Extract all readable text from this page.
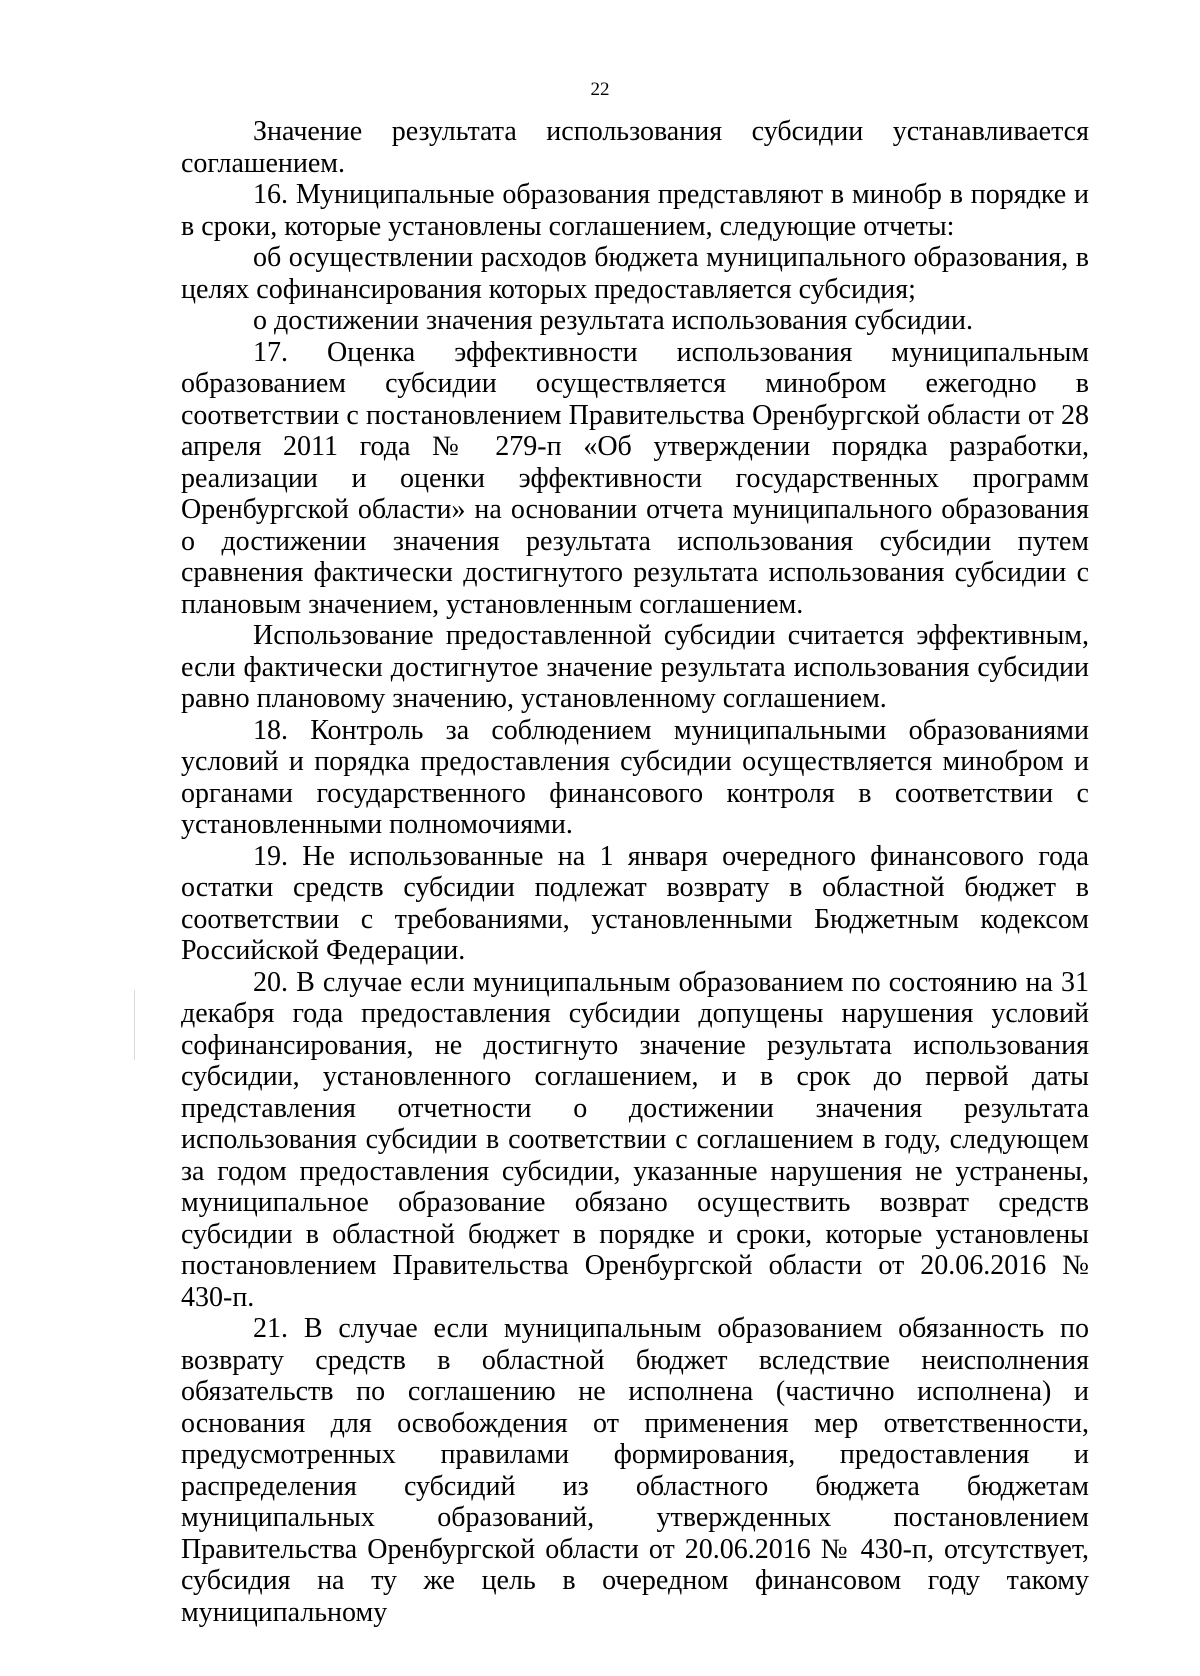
22

Значение результата использования субсидии устанавливается соглашением.

16. Муниципальные образования представляют в минобр в порядке и в сроки, которые установлены соглашением, следующие отчеты:

об осуществлении расходов бюджета муниципального образования, в целях софинансирования которых предоставляется субсидия;

о достижении значения результата использования субсидии.

17. Оценка эффективности использования муниципальным образованием субсидии осуществляется минобром ежегодно в соответствии с постановлением Правительства Оренбургской области от 28 апреля 2011 года № 279-п «Об утверждении порядка разработки, реализации и оценки эффективности государственных программ Оренбургской области» на основании отчета муниципального образования о достижении значения результата использования субсидии путем сравнения фактически достигнутого результата использования субсидии с плановым значением, установленным соглашением.

Использование предоставленной субсидии считается эффективным, если фактически достигнутое значение результата использования субсидии равно плановому значению, установленному соглашением.

18. Контроль за соблюдением муниципальными образованиями условий и порядка предоставления субсидии осуществляется минобром и органами государственного финансового контроля в соответствии с установленными полномочиями.

19. Не использованные на 1 января очередного финансового года остатки средств субсидии подлежат возврату в областной бюджет в соответствии с требованиями, установленными Бюджетным кодексом Российской Федерации.

20. В случае если муниципальным образованием по состоянию на 31 декабря года предоставления субсидии допущены нарушения условий софинансирования, не достигнуто значение результата использования субсидии, установленного соглашением, и в срок до первой даты представления отчетности о достижении значения результата использования субсидии в соответствии с соглашением в году, следующем за годом предоставления субсидии, указанные нарушения не устранены, муниципальное образование обязано осуществить возврат средств субсидии в областной бюджет в порядке и сроки, которые установлены постановлением Правительства Оренбургской области от 20.06.2016 № 430-п.

21. В случае если муниципальным образованием обязанность по возврату средств в областной бюджет вследствие неисполнения обязательств по соглашению не исполнена (частично исполнена) и основания для освобождения от применения мер ответственности, предусмотренных правилами формирования, предоставления и распределения субсидий из областного бюджета бюджетам муниципальных образований, утвержденных постановлением Правительства Оренбургской области от 20.06.2016 № 430-п, отсутствует, субсидия на ту же цель в очередном финансовом году такому муниципальному
